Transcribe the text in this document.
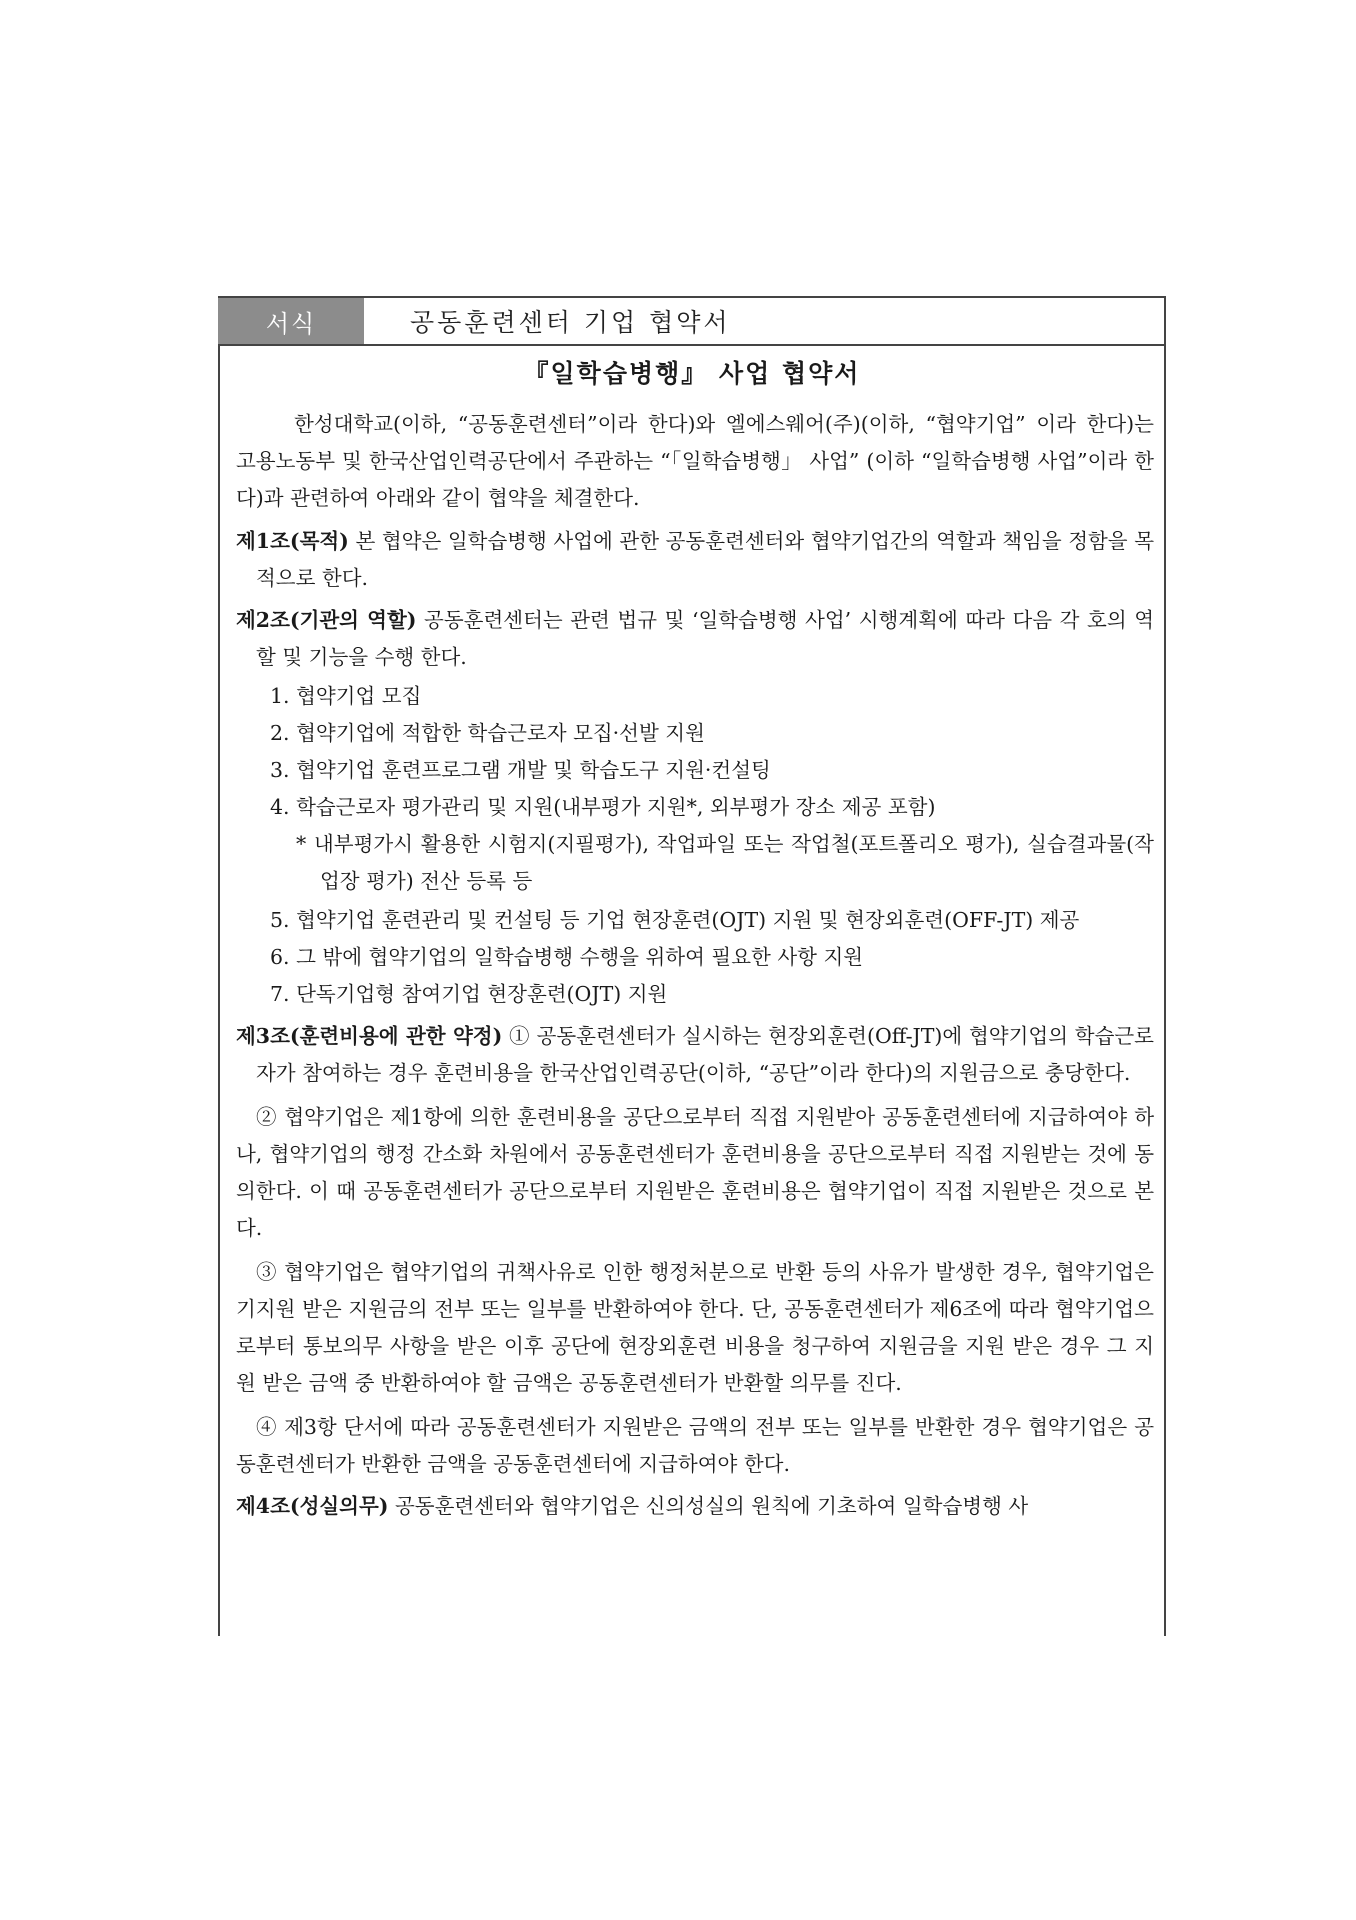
서식	공동훈련센터 기업 협약서
『일학습병행』 사업 협약서

한성대학교(이하, “공동훈련센터”이라 한다)와 엘에스웨어(주)(이하, “협약기업” 이라 한다)는 고용노동부 및 한국산업인력공단에서 주관하는 “「일학습병행」 사업” (이하 “일학습병행 사업”이라 한다)과 관련하여 아래와 같이 협약을 체결한다.

제1조(목적) 본 협약은 일학습병행 사업에 관한 공동훈련센터와 협약기업간의 역할과 책임을 정함을 목적으로 한다.

제2조(기관의 역할) 공동훈련센터는 관련 법규 및 ‘일학습병행 사업’ 시행계획에 따라 다음 각 호의 역할 및 기능을 수행 한다.

1. 협약기업 모집
2. 협약기업에 적합한 학습근로자 모집·선발 지원
3. 협약기업 훈련프로그램 개발 및 학습도구 지원·컨설팅
4. 학습근로자 평가관리 및 지원(내부평가 지원*, 외부평가 장소 제공 포함)

* 내부평가시 활용한 시험지(지필평가), 작업파일 또는 작업철(포트폴리오 평가), 실습결과물(작업장 평가) 전산 등록 등

5. 협약기업 훈련관리 및 컨설팅 등 기업 현장훈련(OJT) 지원 및 현장외훈련(OFF-JT) 제공
6. 그 밖에 협약기업의 일학습병행 수행을 위하여 필요한 사항 지원
7. 단독기업형 참여기업 현장훈련(OJT) 지원

제3조(훈련비용에 관한 약정) ① 공동훈련센터가 실시하는 현장외훈련(Off-JT)에 협약기업의 학습근로자가 참여하는 경우 훈련비용을 한국산업인력공단(이하, “공단”이라 한다)의 지원금으로 충당한다.

② 협약기업은 제1항에 의한 훈련비용을 공단으로부터 직접 지원받아 공동훈련센터에 지급하여야 하나, 협약기업의 행정 간소화 차원에서 공동훈련센터가 훈련비용을 공단으로부터 직접 지원받는 것에 동의한다. 이 때 공동훈련센터가 공단으로부터 지원받은 훈련비용은 협약기업이 직접 지원받은 것으로 본다.

③ 협약기업은 협약기업의 귀책사유로 인한 행정처분으로 반환 등의 사유가 발생한 경우, 협약기업은 기지원 받은 지원금의 전부 또는 일부를 반환하여야 한다. 단, 공동훈련센터가 제6조에 따라 협약기업으로부터 통보의무 사항을 받은 이후 공단에 현장외훈련 비용을 청구하여 지원금을 지원 받은 경우 그 지원 받은 금액 중 반환하여야 할 금액은 공동훈련센터가 반환할 의무를 진다.

④ 제3항 단서에 따라 공동훈련센터가 지원받은 금액의 전부 또는 일부를 반환한 경우 협약기업은 공동훈련센터가 반환한 금액을 공동훈련센터에 지급하여야 한다.

제4조(성실의무) 공동훈련센터와 협약기업은 신의성실의 원칙에 기초하여 일학습병행 사
